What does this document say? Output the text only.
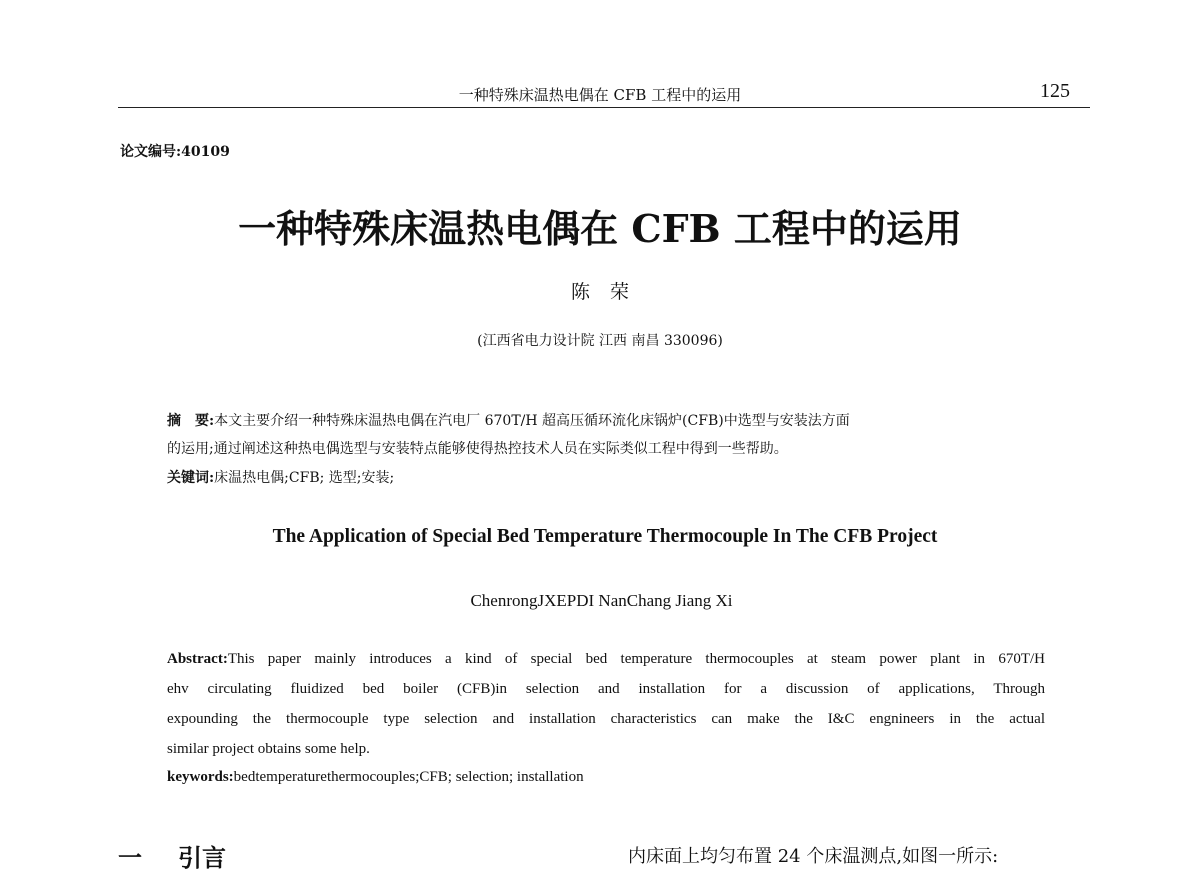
一种特殊床温热电偶在 CFB 工程中的运用	125
论文编号:40109
一种特殊床温热电偶在 CFB 工程中的运用
陈荣
(江西省电力设计院 江西 南昌 330096)
摘　要:本文主要介绍一种特殊床温热电偶在汽电厂 670T/H 超高压循环流化床锅炉(CFB)中选型与安装法方面
的运用;通过阐述这种热电偶选型与安装特点能够使得热控技术人员在实际类似工程中得到一些帮助。
关键词:床温热电偶;CFB; 选型;安装;
The Application of Special Bed Temperature Thermocouple In The CFB Project
ChenrongJXEPDI NanChang Jiang Xi
Abstract:This paper mainly introduces a kind of special bed temperature thermocouples at steam power plant in 670T/H
ehv circulating fluidized bed boiler (CFB)in selection and installation for a discussion of applications, Through
expounding the thermocouple type selection and installation characteristics can make the I&C engnineers in the actual
similar project obtains some help.
keywords:bedtemperaturethermocouples;CFB; selection; installation
一 引言	内床面上均匀布置 24 个床温测点,如图一所示:
